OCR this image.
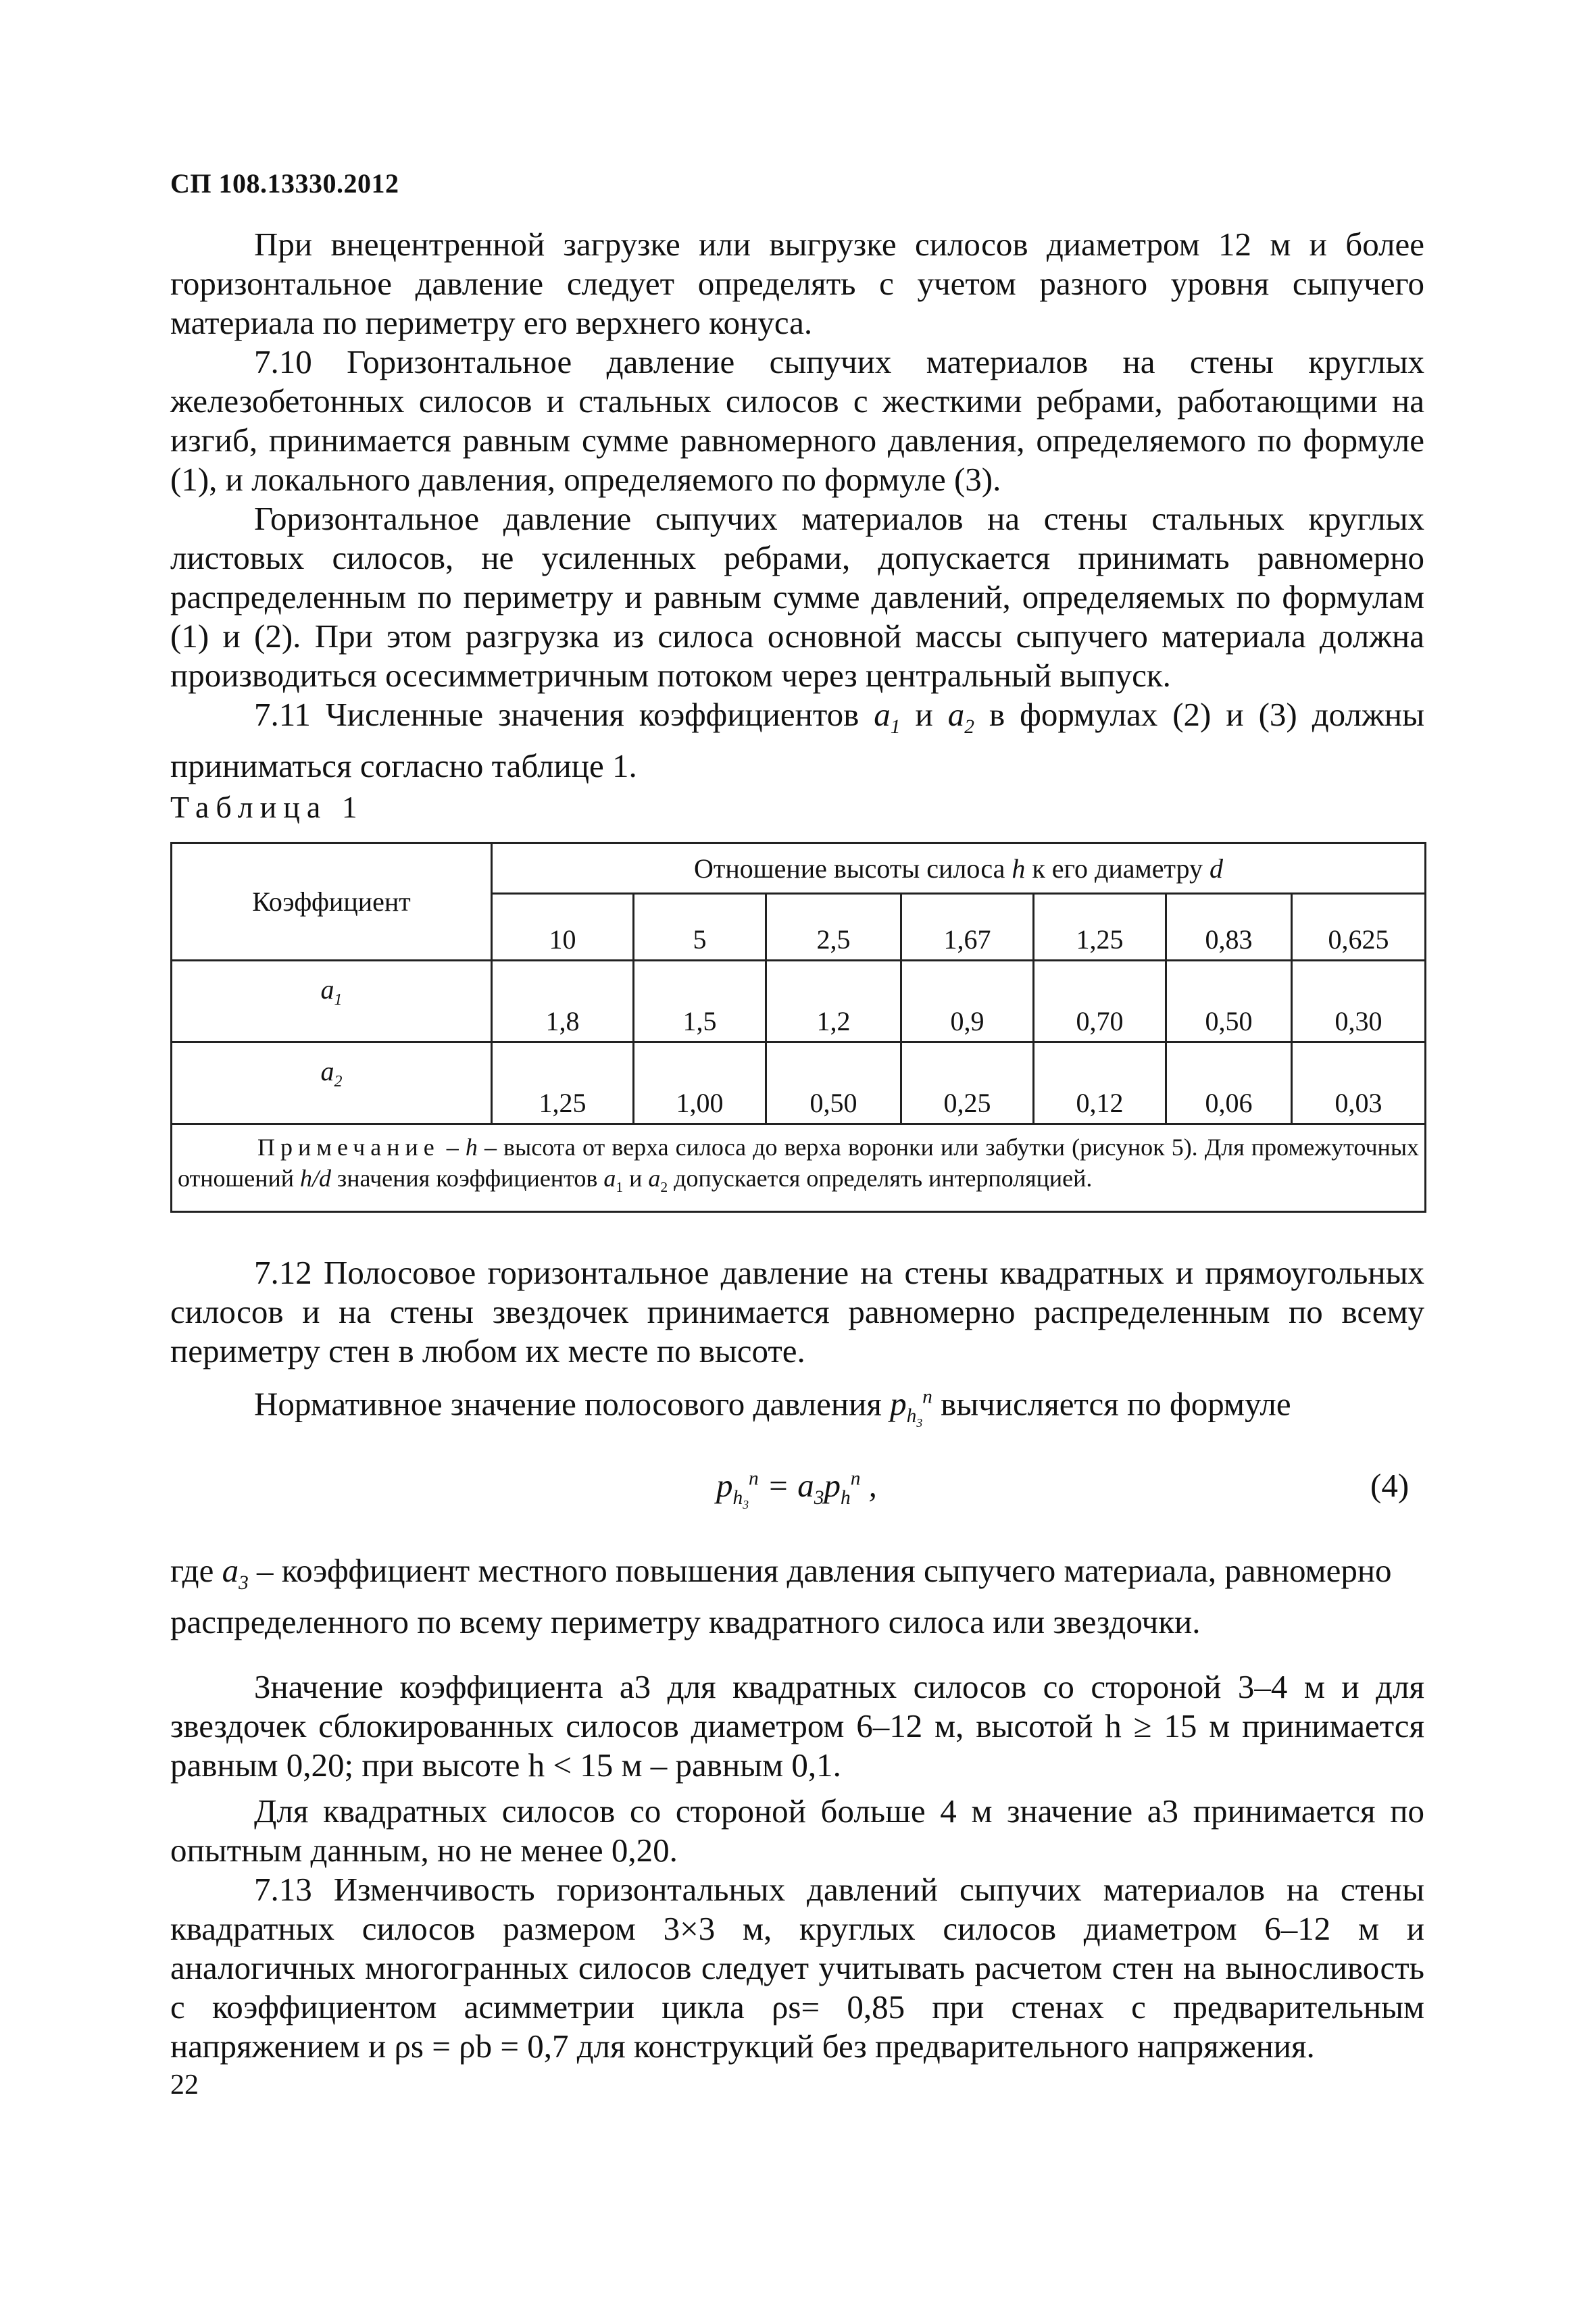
СП 108.13330.2012

При внецентренной загрузке или выгрузке силосов диаметром 12 м и более горизонтальное давление следует определять с учетом разного уровня сыпучего материала по периметру его верхнего конуса.

7.10 Горизонтальное давление сыпучих материалов на стены круглых железобетонных силосов и стальных силосов с жесткими ребрами, работающими на изгиб, принимается равным сумме равномерного давления, определяемого по формуле (1), и локального давления, определяемого по формуле (3).

Горизонтальное давление сыпучих материалов на стены стальных круглых листовых силосов, не усиленных ребрами, допускается принимать равномерно распределенным по периметру и равным сумме давлений, определяемых по формулам (1) и (2). При этом разгрузка из силоса основной массы сыпучего материала должна производиться осесимметричным потоком через центральный выпуск.

7.11 Численные значения коэффициентов $a_1$ и $a_2$ в формулах (2) и (3) должны приниматься согласно таблице 1.

Таблица 1
Коэффициент	Отношение высоты силоса h к его диаметру d						
	10	5	2,5	1,67	1,25	0,83	0,625
$a_1$	1,8	1,5	1,2	0,9	0,70	0,50	0,30
$a_2$	1,25	1,00	0,50	0,25	0,12	0,06	0,03
Примечание – h – высота от верха силоса до верха воронки или забутки (рисунок 5). Для промежуточных отношений h/d значения коэффициентов $a_1$ и $a_2$ допускается определять интерполяцией.							

7.12 Полосовое горизонтальное давление на стены квадратных и прямоугольных силосов и на стены звездочек принимается равномерно распределенным по всему периметру стен в любом их месте по высоте.

Нормативное значение полосового давления $p_{h_3}^n$ вычисляется по формуле

$p_{h_3}^n = a_3p_h^n$ ,	(4)
где $a_3$ – коэффициент местного повышения давления сыпучего материала, равномерно распределенного по всему периметру квадратного силоса или звездочки.

Значение коэффициента a3 для квадратных силосов со стороной 3–4 м и для звездочек сблокированных силосов диаметром 6–12 м, высотой h ≥ 15 м принимается равным 0,20; при высоте h < 15 м – равным 0,1.

Для квадратных силосов со стороной больше 4 м значение a3 принимается по опытным данным, но не менее 0,20.

7.13 Изменчивость горизонтальных давлений сыпучих материалов на стены квадратных силосов размером 3×3 м, круглых силосов диаметром 6–12 м и аналогичных многогранных силосов следует учитывать расчетом стен на выносливость с коэффициентом асимметрии цикла ρs= 0,85 при стенах с предварительным напряжением и ρs = ρb = 0,7 для конструкций без предварительного напряжения.

22
